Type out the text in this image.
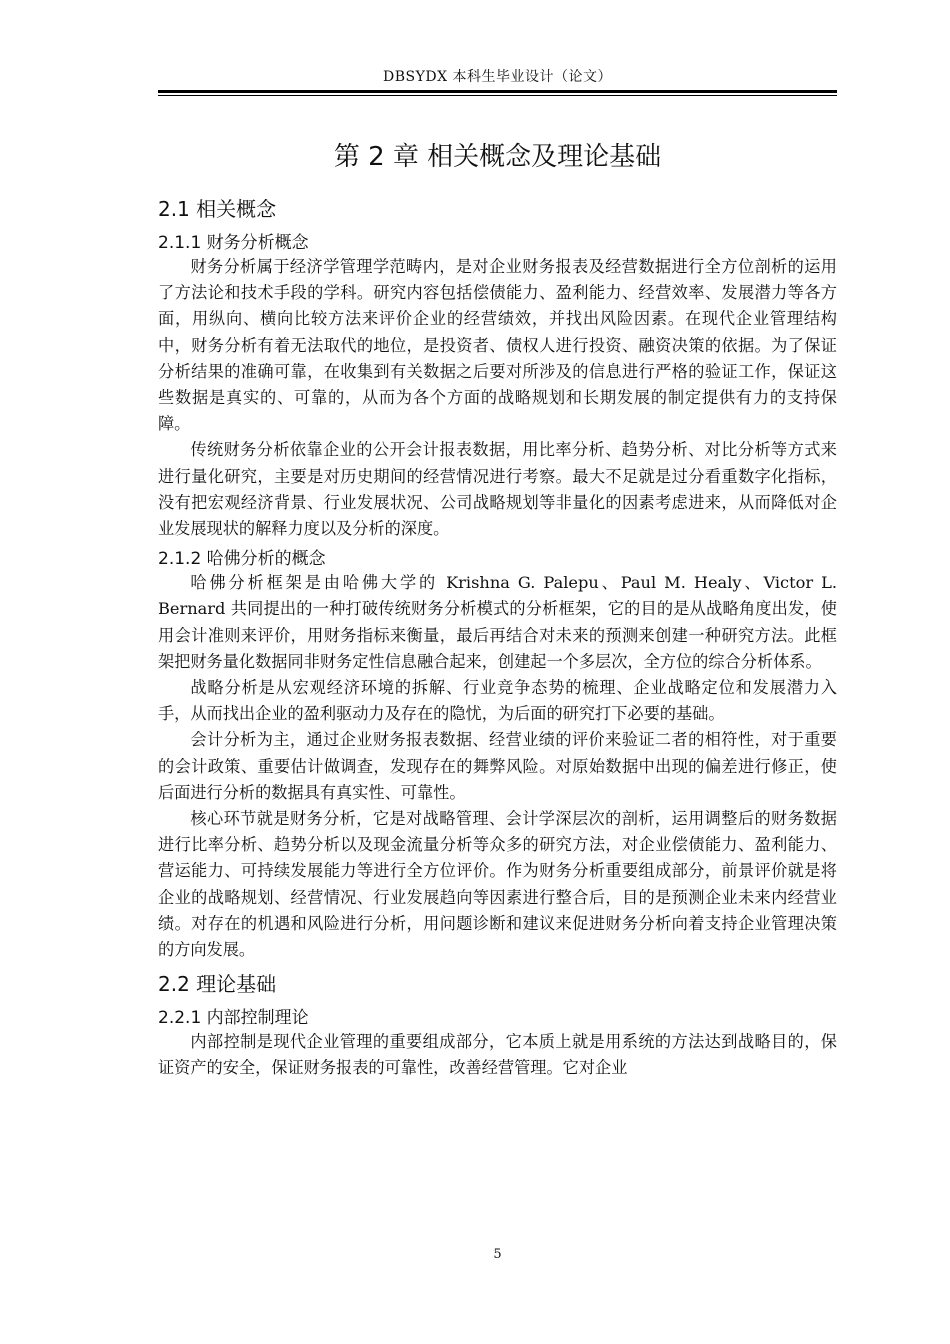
DBSYDX 本科生毕业设计（论文）
第 2 章 相关概念及理论基础
2.1 相关概念
2.1.1 财务分析概念

财务分析属于经济学管理学范畴内，是对企业财务报表及经营数据进行全方位剖析的运用了方法论和技术手段的学科。研究内容包括偿债能力、盈利能力、经营效率、发展潜力等各方面，用纵向、横向比较方法来评价企业的经营绩效，并找出风险因素。在现代企业管理结构中，财务分析有着无法取代的地位，是投资者、债权人进行投资、融资决策的依据。为了保证分析结果的准确可靠，在收集到有关数据之后要对所涉及的信息进行严格的验证工作，保证这些数据是真实的、可靠的，从而为各个方面的战略规划和长期发展的制定提供有力的支持保障。

传统财务分析依靠企业的公开会计报表数据，用比率分析、趋势分析、对比分析等方式来进行量化研究，主要是对历史期间的经营情况进行考察。最大不足就是过分看重数字化指标，没有把宏观经济背景、行业发展状况、公司战略规划等非量化的因素考虑进来，从而降低对企业发展现状的解释力度以及分析的深度。

2.1.2 哈佛分析的概念

哈佛分析框架是由哈佛大学的 Krishna G. Palepu、Paul M. Healy、Victor L. Bernard 共同提出的一种打破传统财务分析模式的分析框架，它的目的是从战略角度出发，使用会计准则来评价，用财务指标来衡量，最后再结合对未来的预测来创建一种研究方法。此框架把财务量化数据同非财务定性信息融合起来，创建起一个多层次，全方位的综合分析体系。

战略分析是从宏观经济环境的拆解、行业竞争态势的梳理、企业战略定位和发展潜力入手，从而找出企业的盈利驱动力及存在的隐忧，为后面的研究打下必要的基础。

会计分析为主，通过企业财务报表数据、经营业绩的评价来验证二者的相符性，对于重要的会计政策、重要估计做调查，发现存在的舞弊风险。对原始数据中出现的偏差进行修正，使后面进行分析的数据具有真实性、可靠性。

核心环节就是财务分析，它是对战略管理、会计学深层次的剖析，运用调整后的财务数据进行比率分析、趋势分析以及现金流量分析等众多的研究方法，对企业偿债能力、盈利能力、营运能力、可持续发展能力等进行全方位评价。作为财务分析重要组成部分，前景评价就是将企业的战略规划、经营情况、行业发展趋向等因素进行整合后，目的是预测企业未来内经营业绩。对存在的机遇和风险进行分析，用问题诊断和建议来促进财务分析向着支持企业管理决策的方向发展。

2.2 理论基础
2.2.1 内部控制理论

内部控制是现代企业管理的重要组成部分，它本质上就是用系统的方法达到战略目的，保证资产的安全，保证财务报表的可靠性，改善经营管理。它对企业

5
